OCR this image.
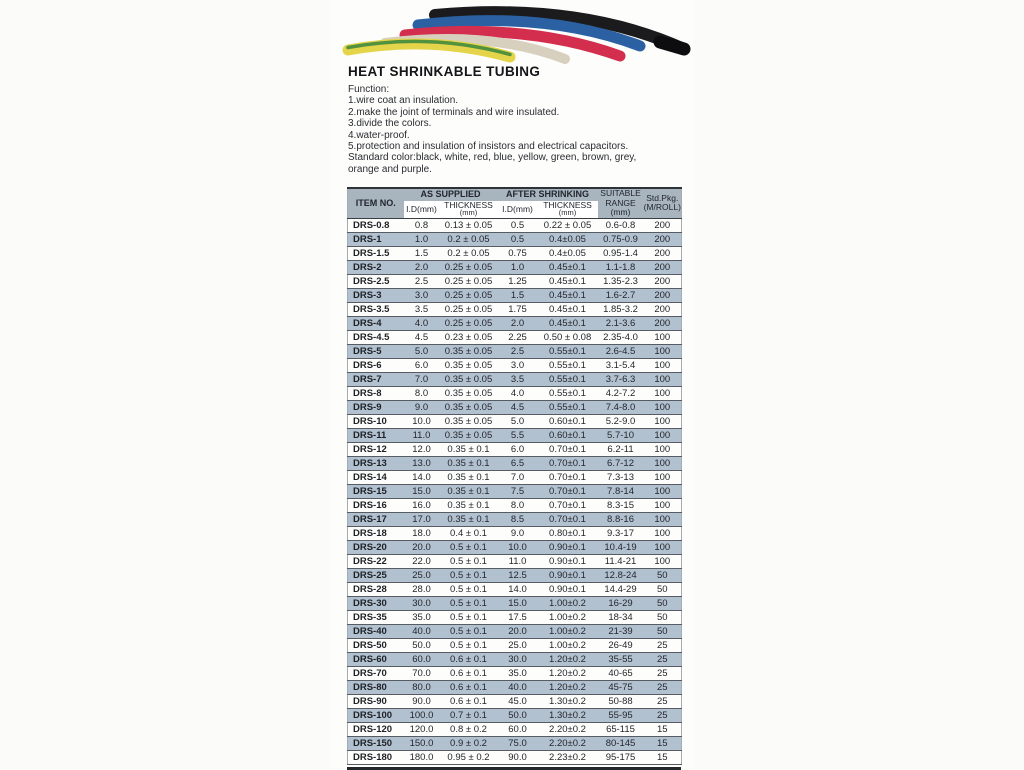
HEAT SHRINKABLE TUBING
Function:
1.wire coat an insulation.
2.make the joint of terminals and wire insulated.
3.divide the colors.
4.water-proof.
5.protection and insulation of insistors and electrical capacitors.
Standard color:black, white, red, blue, yellow, green, brown, grey,
orange and purple.
ITEM NO.	AS SUPPLIED		AFTER SHRINKING		SUITABLE
RANGE
(mm)	Std.Pkg.
(M/ROLL)
	I.D(mm)	THICKNESS
(mm)	I.D(mm)	THICKNESS
(mm)		

DRS-0.8	0.8	0.13 ± 0.05	0.5	0.22 ± 0.05	0.6-0.8	200
DRS-1	1.0	0.2 ± 0.05	0.5	0.4±0.05	0.75-0.9	200
DRS-1.5	1.5	0.2 ± 0.05	0.75	0.4±0.05	0.95-1.4	200
DRS-2	2.0	0.25 ± 0.05	1.0	0.45±0.1	1.1-1.8	200
DRS-2.5	2.5	0.25 ± 0.05	1.25	0.45±0.1	1.35-2.3	200
DRS-3	3.0	0.25 ± 0.05	1.5	0.45±0.1	1.6-2.7	200
DRS-3.5	3.5	0.25 ± 0.05	1.75	0.45±0.1	1.85-3.2	200
DRS-4	4.0	0.25 ± 0.05	2.0	0.45±0.1	2.1-3.6	200
DRS-4.5	4.5	0.23 ± 0.05	2.25	0.50 ± 0.08	2.35-4.0	100
DRS-5	5.0	0.35 ± 0.05	2.5	0.55±0.1	2.6-4.5	100
DRS-6	6.0	0.35 ± 0.05	3.0	0.55±0.1	3.1-5.4	100
DRS-7	7.0	0.35 ± 0.05	3.5	0.55±0.1	3.7-6.3	100
DRS-8	8.0	0.35 ± 0.05	4.0	0.55±0.1	4.2-7.2	100
DRS-9	9.0	0.35 ± 0.05	4.5	0.55±0.1	7.4-8.0	100
DRS-10	10.0	0.35 ± 0.05	5.0	0.60±0.1	5.2-9.0	100
DRS-11	11.0	0.35 ± 0.05	5.5	0.60±0.1	5.7-10	100
DRS-12	12.0	0.35 ± 0.1	6.0	0.70±0.1	6.2-11	100
DRS-13	13.0	0.35 ± 0.1	6.5	0.70±0.1	6.7-12	100
DRS-14	14.0	0.35 ± 0.1	7.0	0.70±0.1	7.3-13	100
DRS-15	15.0	0.35 ± 0.1	7.5	0.70±0.1	7.8-14	100
DRS-16	16.0	0.35 ± 0.1	8.0	0.70±0.1	8.3-15	100
DRS-17	17.0	0.35 ± 0.1	8.5	0.70±0.1	8.8-16	100
DRS-18	18.0	0.4 ± 0.1	9.0	0.80±0.1	9.3-17	100
DRS-20	20.0	0.5 ± 0.1	10.0	0.90±0.1	10.4-19	100
DRS-22	22.0	0.5 ± 0.1	11.0	0.90±0.1	11.4-21	100
DRS-25	25.0	0.5 ± 0.1	12.5	0.90±0.1	12.8-24	50
DRS-28	28.0	0.5 ± 0.1	14.0	0.90±0.1	14.4-29	50
DRS-30	30.0	0.5 ± 0.1	15.0	1.00±0.2	16-29	50
DRS-35	35.0	0.5 ± 0.1	17.5	1.00±0.2	18-34	50
DRS-40	40.0	0.5 ± 0.1	20.0	1.00±0.2	21-39	50
DRS-50	50.0	0.5 ± 0.1	25.0	1.00±0.2	26-49	25
DRS-60	60.0	0.6 ± 0.1	30.0	1.20±0.2	35-55	25
DRS-70	70.0	0.6 ± 0.1	35.0	1.20±0.2	40-65	25
DRS-80	80.0	0.6 ± 0.1	40.0	1.20±0.2	45-75	25
DRS-90	90.0	0.6 ± 0.1	45.0	1.30±0.2	50-88	25
DRS-100	100.0	0.7 ± 0.1	50.0	1.30±0.2	55-95	25
DRS-120	120.0	0.8 ± 0.2	60.0	2.20±0.2	65-115	15
DRS-150	150.0	0.9 ± 0.2	75.0	2.20±0.2	80-145	15
DRS-180	180.0	0.95 ± 0.2	90.0	2.23±0.2	95-175	15
